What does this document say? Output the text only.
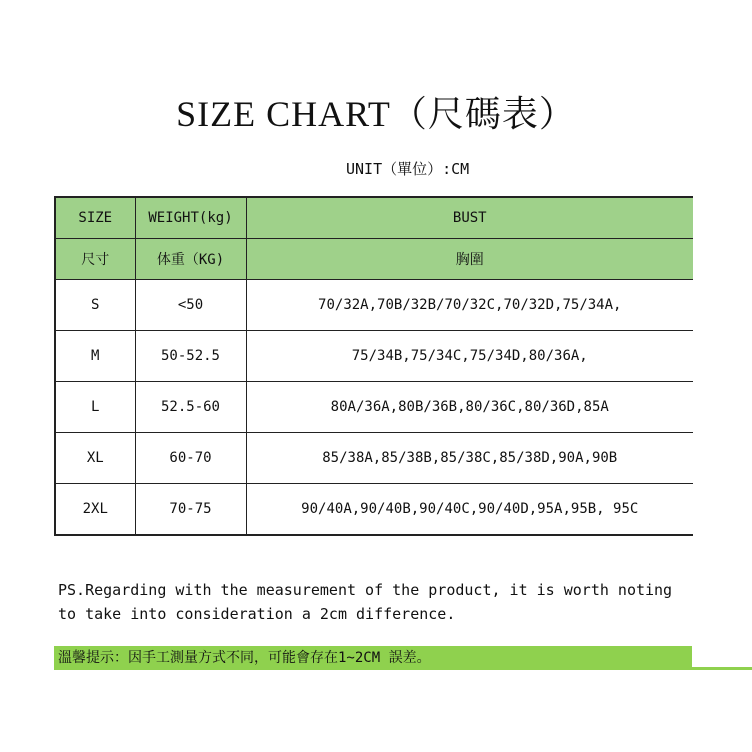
SIZE CHART（尺碼表）
UNIT（單位）:CM
SIZE	WEIGHT(kg)	BUST
尺寸	体重（KG)	胸圍
S	<50	70/32A,70B/32B/70/32C,70/32D,75/34A,
M	50-52.5	75/34B,75/34C,75/34D,80/36A,
L	52.5-60	80A/36A,80B/36B,80/36C,80/36D,85A
XL	60-70	85/38A,85/38B,85/38C,85/38D,90A,90B
2XL	70-75	90/40A,90/40B,90/40C,90/40D,95A,95B, 95C
PS.Regarding with the measurement of the product, it is worth noting to take into consideration a 2cm difference.
溫馨提示：因手工測量方式不同，可能會存在1~2CM 誤差。
